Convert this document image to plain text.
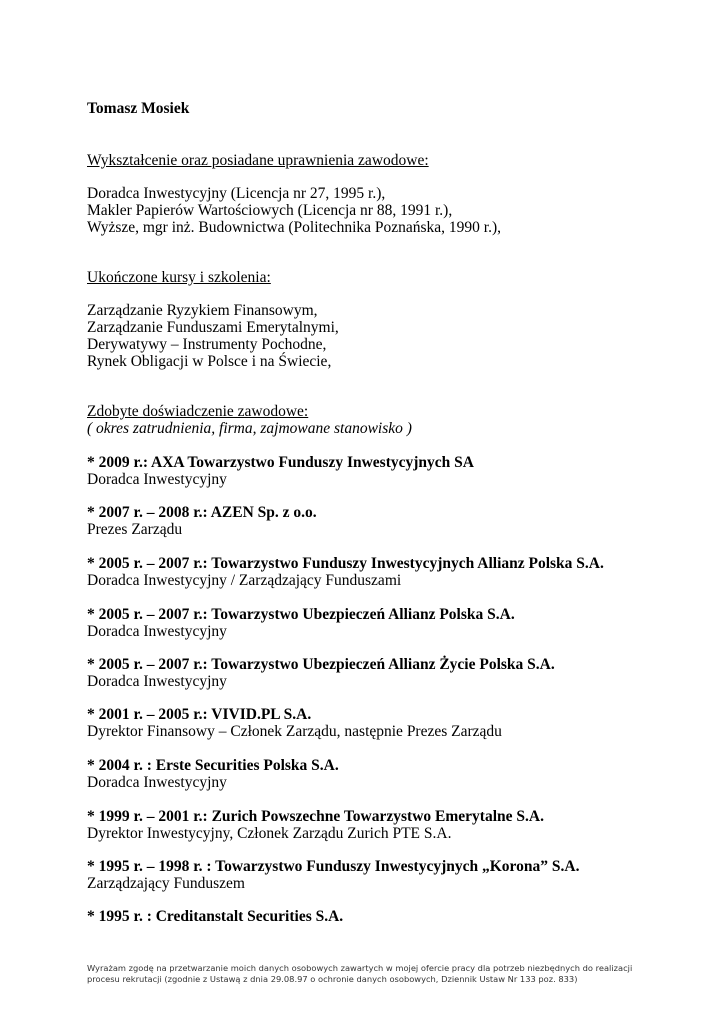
Tomasz Mosiek
Wykształcenie oraz posiadane uprawnienia zawodowe:
Doradca Inwestycyjny (Licencja nr 27, 1995 r.),
Makler Papierów Wartościowych (Licencja nr 88, 1991 r.),
Wyższe, mgr inż. Budownictwa (Politechnika Poznańska, 1990 r.),
Ukończone kursy i szkolenia:
Zarządzanie Ryzykiem Finansowym,
Zarządzanie Funduszami Emerytalnymi,
Derywatywy – Instrumenty Pochodne,
Rynek Obligacji w Polsce i na Świecie,
Zdobyte doświadczenie zawodowe:
( okres zatrudnienia, firma, zajmowane stanowisko )
* 2009 r.: AXA Towarzystwo Funduszy Inwestycyjnych SA
Doradca Inwestycyjny
* 2007 r. – 2008 r.: AZEN Sp. z o.o.
Prezes Zarządu
* 2005 r. – 2007 r.: Towarzystwo Funduszy Inwestycyjnych Allianz Polska S.A.
Doradca Inwestycyjny / Zarządzający Funduszami
* 2005 r. – 2007 r.: Towarzystwo Ubezpieczeń Allianz Polska S.A.
Doradca Inwestycyjny
* 2005 r. – 2007 r.: Towarzystwo Ubezpieczeń Allianz Życie Polska S.A.
Doradca Inwestycyjny
* 2001 r. – 2005 r.: VIVID.PL S.A.
Dyrektor Finansowy – Członek Zarządu, następnie Prezes Zarządu
* 2004 r. : Erste Securities Polska S.A.
Doradca Inwestycyjny
* 1999 r. – 2001 r.: Zurich Powszechne Towarzystwo Emerytalne S.A.
Dyrektor Inwestycyjny, Członek Zarządu Zurich PTE S.A.
* 1995 r. – 1998 r. : Towarzystwo Funduszy Inwestycyjnych „Korona” S.A.
Zarządzający Funduszem
* 1995 r. : Creditanstalt Securities S.A.
Wyrażam zgodę na przetwarzanie moich danych osobowych zawartych w mojej ofercie pracy dla potrzeb niezbędnych do realizacji
procesu rekrutacji (zgodnie z Ustawą z dnia 29.08.97 o ochronie danych osobowych, Dziennik Ustaw Nr 133 poz. 833)
